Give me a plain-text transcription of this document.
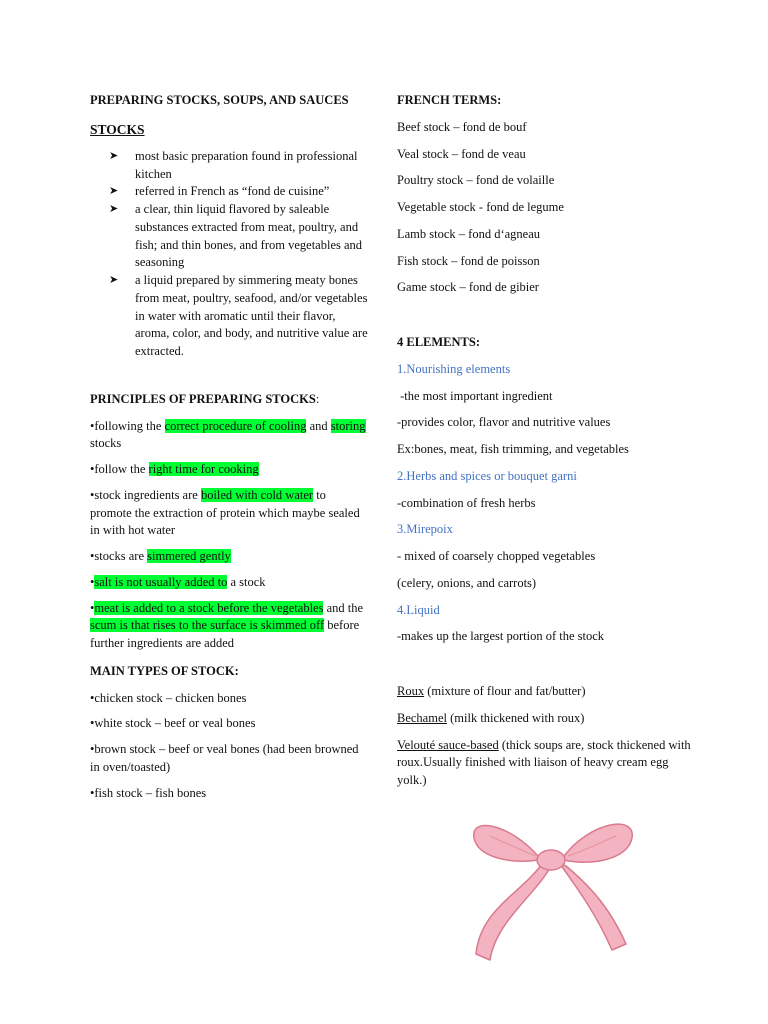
PREPARING STOCKS, SOUPS, AND SAUCES
STOCKS
➤ most basic preparation found in professional kitchen
➤ referred in French as “fond de cuisine”
➤ a clear, thin liquid flavored by saleable substances extracted from meat, poultry, and fish; and thin bones, and from vegetables and seasoning
➤ a liquid prepared by simmering meaty bones from meat, poultry, seafood, and/or vegetables in water with aromatic until their flavor, aroma, color, and body, and nutritive value are extracted.
PRINCIPLES OF PREPARING STOCKS:

•following the correct procedure of cooling and storing stocks

•follow the right time for cooking

•stock ingredients are boiled with cold water to promote the extraction of protein which maybe sealed in with hot water

•stocks are simmered gently

•salt is not usually added to a stock

•meat is added to a stock before the vegetables and the scum is that rises to the surface is skimmed off before further ingredients are added

MAIN TYPES OF STOCK:

•chicken stock – chicken bones

•white stock – beef or veal bones

•brown stock – beef or veal bones (had been browned in oven/toasted)

•fish stock – fish bones

FRENCH TERMS:

Beef stock – fond de bouf

Veal stock – fond de veau

Poultry stock – fond de volaille

Vegetable stock - fond de legume

Lamb stock – fond d‘agneau

Fish stock – fond de poisson

Game stock – fond de gibier

4 ELEMENTS:

1.Nourishing elements

-the most important ingredient

-provides color, flavor and nutritive values

Ex:bones, meat, fish trimming, and vegetables

2.Herbs and spices or bouquet garni

-combination of fresh herbs

3.Mirepoix

- mixed of coarsely chopped vegetables

(celery, onions, and carrots)

4.Liquid

-makes up the largest portion of the stock

Roux (mixture of flour and fat/butter)

Bechamel (milk thickened with roux)

Velouté sauce-based (thick soups are, stock thickened with roux.Usually finished with liaison of heavy cream egg yolk.)
